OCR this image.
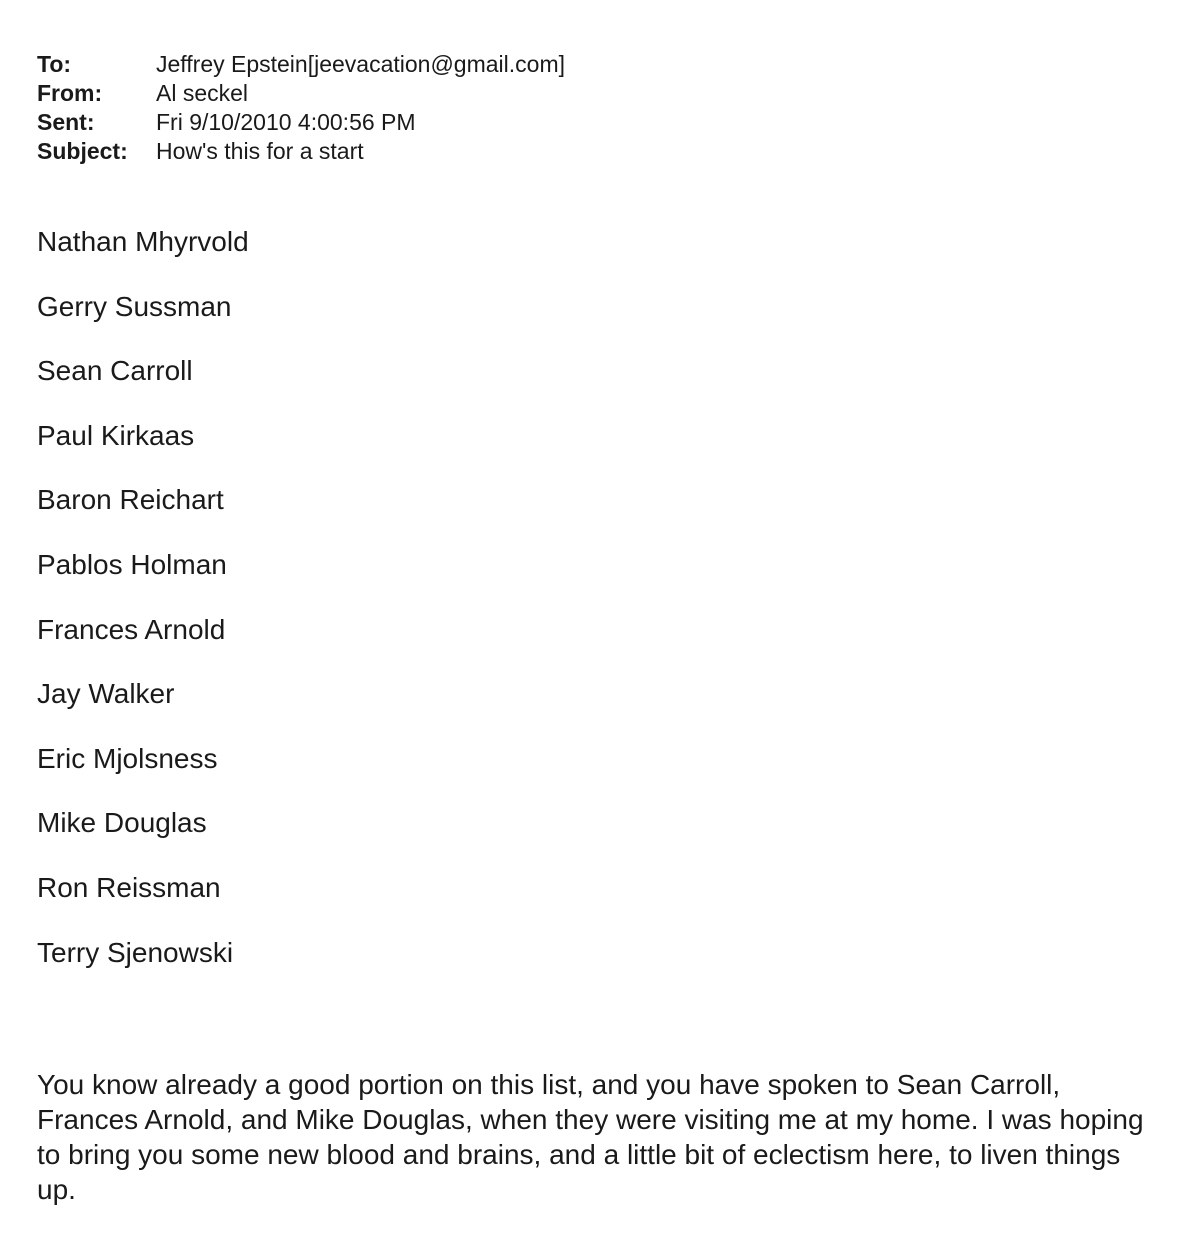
To:	Jeffrey Epstein[jeevacation@gmail.com]
From:	Al seckel
Sent:	Fri 9/10/2010 4:00:56 PM
Subject:	How's this for a start
Nathan Mhyrvold
Gerry Sussman
Sean Carroll
Paul Kirkaas
Baron Reichart
Pablos Holman
Frances Arnold
Jay Walker
Eric Mjolsness
Mike Douglas
Ron Reissman
Terry Sjenowski

You know already a good portion on this list, and you have spoken to Sean Carroll, Frances Arnold, and Mike Douglas, when they were visiting me at my home. I was hoping to bring you some new blood and brains, and a little bit of eclectism here, to liven things up.
